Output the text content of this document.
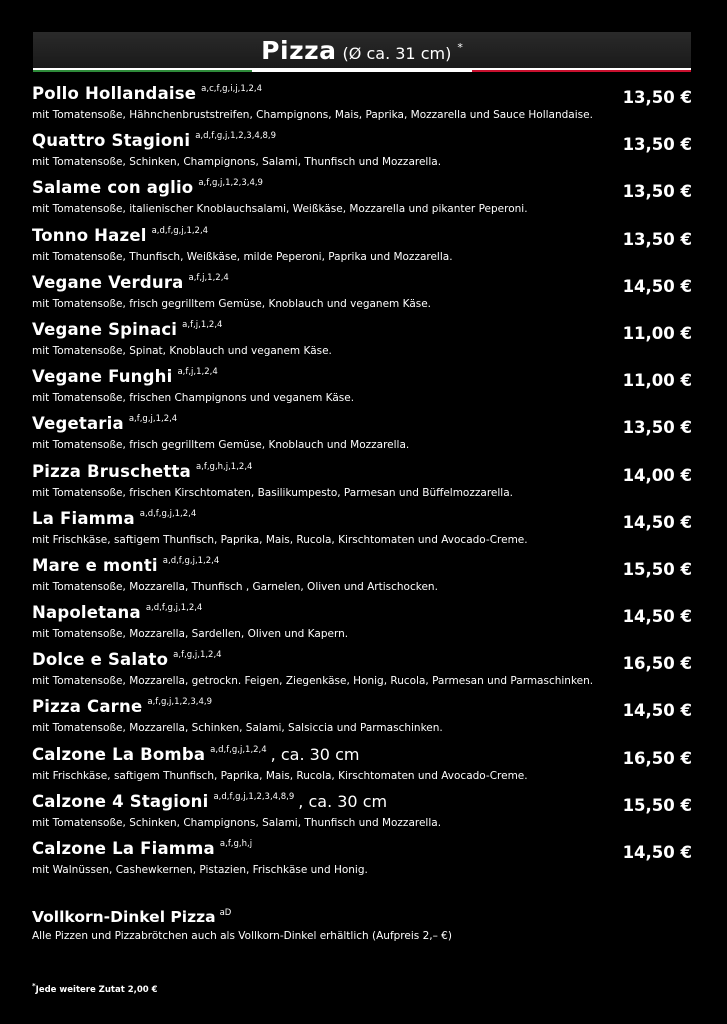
Pizza (Ø ca. 31 cm) *
Pollo Hollandaise a,c,f,g,i,j,1,2,4	13,50 €
mit Tomatensoße, Hähnchenbruststreifen, Champignons, Mais, Paprika, Mozzarella und Sauce Hollandaise.
Quattro Stagioni a,d,f,g,j,1,2,3,4,8,9	13,50 €
mit Tomatensoße, Schinken, Champignons, Salami, Thunfisch und Mozzarella.
Salame con aglio a,f,g,j,1,2,3,4,9	13,50 €
mit Tomatensoße, italienischer Knoblauchsalami, Weißkäse, Mozzarella und pikanter Peperoni.
Tonno Hazel a,d,f,g,j,1,2,4	13,50 €
mit Tomatensoße, Thunfisch, Weißkäse, milde Peperoni, Paprika und Mozzarella.
Vegane Verdura a,f,j,1,2,4	14,50 €
mit Tomatensoße, frisch gegrilltem Gemüse, Knoblauch und veganem Käse.
Vegane Spinaci a,f,j,1,2,4	11,00 €
mit Tomatensoße, Spinat, Knoblauch und veganem Käse.
Vegane Funghi a,f,j,1,2,4	11,00 €
mit Tomatensoße, frischen Champignons und veganem Käse.
Vegetaria a,f,g,j,1,2,4	13,50 €
mit Tomatensoße, frisch gegrilltem Gemüse, Knoblauch und Mozzarella.
Pizza Bruschetta a,f,g,h,j,1,2,4	14,00 €
mit Tomatensoße, frischen Kirschtomaten, Basilikumpesto, Parmesan und Büffelmozzarella.
La Fiamma a,d,f,g,j,1,2,4	14,50 €
mit Frischkäse, saftigem Thunfisch, Paprika, Mais, Rucola, Kirschtomaten und Avocado-Creme.
Mare e monti a,d,f,g,j,1,2,4	15,50 €
mit Tomatensoße, Mozzarella, Thunfisch , Garnelen, Oliven und Artischocken.
Napoletana a,d,f,g,j,1,2,4	14,50 €
mit Tomatensoße, Mozzarella, Sardellen, Oliven und Kapern.
Dolce e Salato a,f,g,j,1,2,4	16,50 €
mit Tomatensoße, Mozzarella, getrockn. Feigen, Ziegenkäse, Honig, Rucola, Parmesan und Parmaschinken.
Pizza Carne a,f,g,j,1,2,3,4,9	14,50 €
mit Tomatensoße, Mozzarella, Schinken, Salami, Salsiccia und Parmaschinken.
Calzone La Bomba a,d,f,g,j,1,2,4 , ca. 30 cm	16,50 €
mit Frischkäse, saftigem Thunfisch, Paprika, Mais, Rucola, Kirschtomaten und Avocado-Creme.
Calzone 4 Stagioni a,d,f,g,j,1,2,3,4,8,9 , ca. 30 cm	15,50 €
mit Tomatensoße, Schinken, Champignons, Salami, Thunfisch und Mozzarella.
Calzone La Fiamma a,f,g,h,j	14,50 €
mit Walnüssen, Cashewkernen, Pistazien, Frischkäse und Honig.
Vollkorn-Dinkel Pizza aD
Alle Pizzen und Pizzabrötchen auch als Vollkorn-Dinkel erhältlich (Aufpreis 2,– €)
*Jede weitere Zutat 2,00 €
